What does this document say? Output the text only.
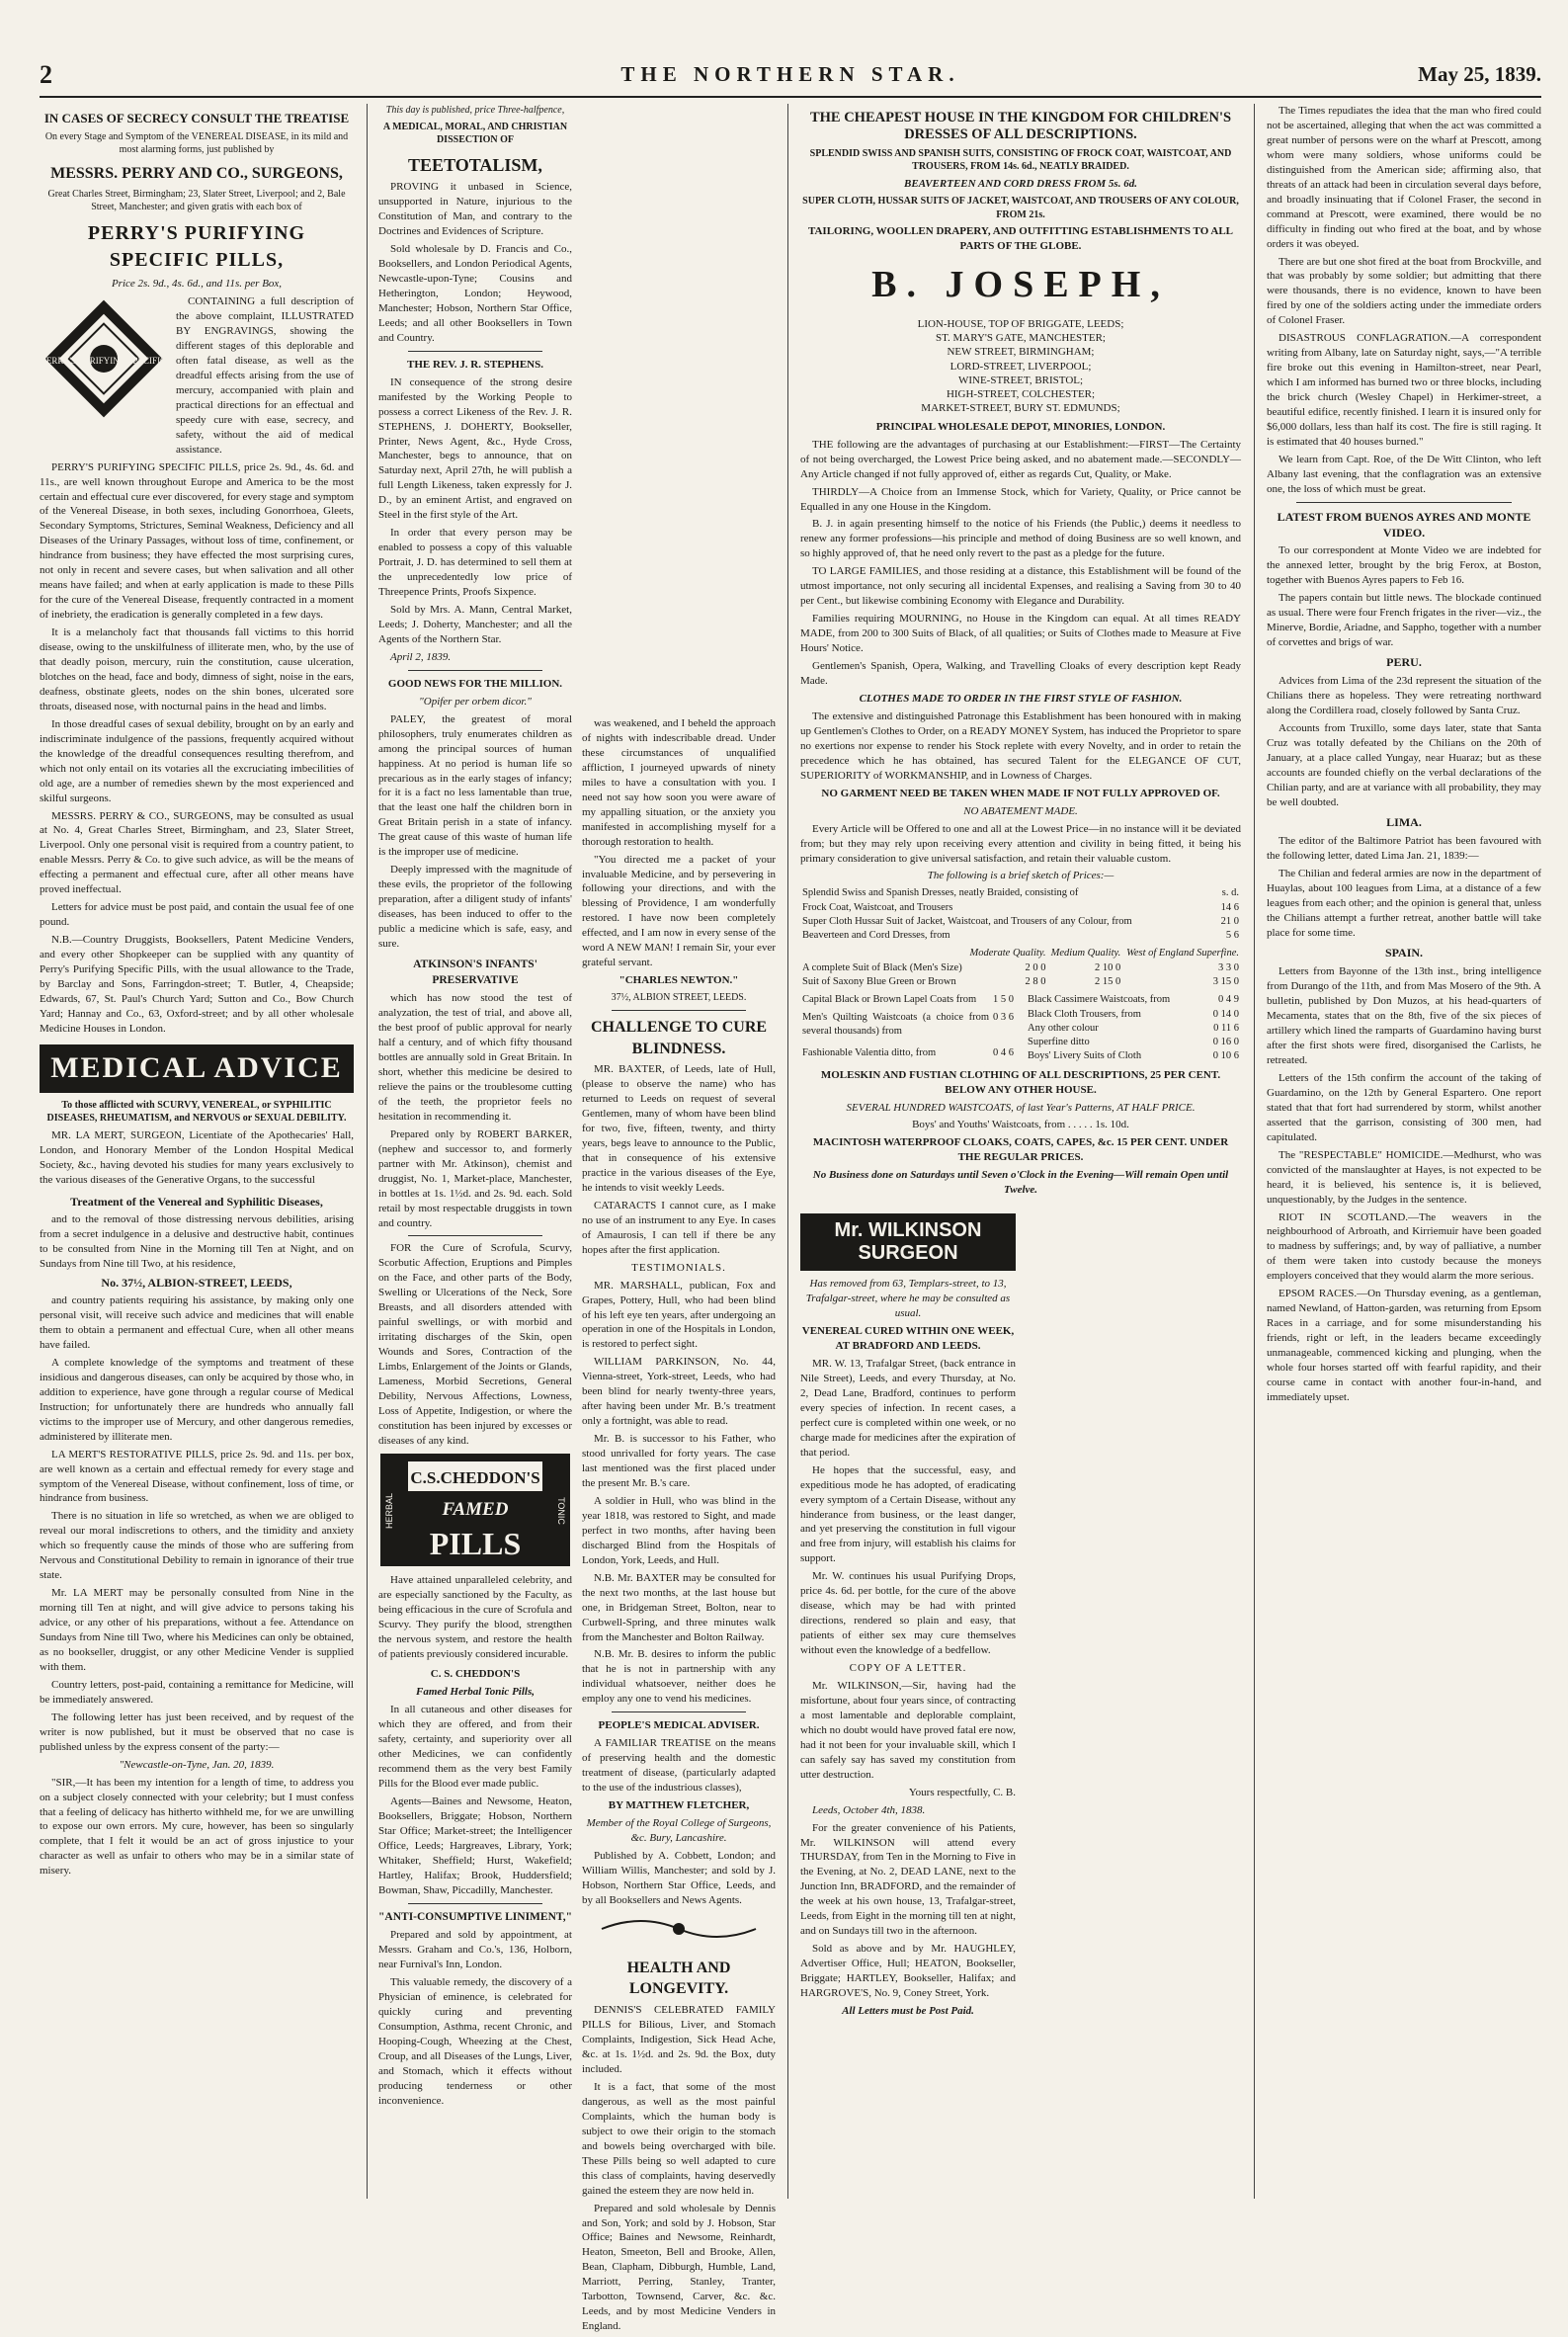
2	THE NORTHERN STAR.	May 25, 1839.
IN CASES OF SECRECY CONSULT THE TREATISE

On every Stage and Symptom of the VENEREAL DISEASE, in its mild and most alarming forms, just published by

MESSRS. PERRY AND CO., SURGEONS,

Great Charles Street, Birmingham; 23, Slater Street, Liverpool; and 2, Bale Street, Manchester; and given gratis with each box of

PERRY'S PURIFYING SPECIFIC PILLS,

Price 2s. 9d., 4s. 6d., and 11s. per Box,

PERRY'S PURIFYING SPECIFIC

CONTAINING a full description of the above complaint, ILLUSTRATED BY ENGRAVINGS, showing the different stages of this deplorable and often fatal disease, as well as the dreadful effects arising from the use of mercury, accompanied with plain and practical directions for an effectual and speedy cure with ease, secrecy, and safety, without the aid of medical assistance.

PERRY'S PURIFYING SPECIFIC PILLS, price 2s. 9d., 4s. 6d. and 11s., are well known throughout Europe and America to be the most certain and effectual cure ever discovered, for every stage and symptom of the Venereal Disease, in both sexes, including Gonorrhoea, Gleets, Secondary Symptoms, Strictures, Seminal Weakness, Deficiency and all Diseases of the Urinary Passages, without loss of time, confinement, or hindrance from business; they have effected the most surprising cures, not only in recent and severe cases, but when salivation and all other means have failed; and when at early application is made to these Pills for the cure of the Venereal Disease, frequently contracted in a moment of inebriety, the eradication is generally completed in a few days.

It is a melancholy fact that thousands fall victims to this horrid disease, owing to the unskilfulness of illiterate men, who, by the use of that deadly poison, mercury, ruin the constitution, cause ulceration, blotches on the head, face and body, dimness of sight, noise in the ears, deafness, obstinate gleets, nodes on the shin bones, ulcerated sore throats, diseased nose, with nocturnal pains in the head and limbs.

In those dreadful cases of sexual debility, brought on by an early and indiscriminate indulgence of the passions, frequently acquired without the knowledge of the dreadful consequences resulting therefrom, and which not only entail on its votaries all the excruciating imbecilities of old age, are a number of remedies shewn by the most experienced and skilful surgeons.

MESSRS. PERRY & CO., SURGEONS, may be consulted as usual at No. 4, Great Charles Street, Birmingham, and 23, Slater Street, Liverpool. Only one personal visit is required from a country patient, to enable Messrs. Perry & Co. to give such advice, as will be the means of effecting a permanent and effectual cure, after all other means have proved ineffectual.

Letters for advice must be post paid, and contain the usual fee of one pound.

N.B.—Country Druggists, Booksellers, Patent Medicine Venders, and every other Shopkeeper can be supplied with any quantity of Perry's Purifying Specific Pills, with the usual allowance to the Trade, by Barclay and Sons, Farringdon-street; T. Butler, 4, Cheapside; Edwards, 67, St. Paul's Church Yard; Sutton and Co., Bow Church Yard; Hannay and Co., 63, Oxford-street; and by all other wholesale Medicine Houses in London.

MEDICAL ADVICE

To those afflicted with SCURVY, VENEREAL, or SYPHILITIC DISEASES, RHEUMATISM, and NERVOUS or SEXUAL DEBILITY.

MR. LA MERT, SURGEON, Licentiate of the Apothecaries' Hall, London, and Honorary Member of the London Hospital Medical Society, &c., having devoted his studies for many years exclusively to the various diseases of the Generative Organs, to the successful

Treatment of the Venereal and Syphilitic Diseases,

and to the removal of those distressing nervous debilities, arising from a secret indulgence in a delusive and destructive habit, continues to be consulted from Nine in the Morning till Ten at Night, and on Sundays from Nine till Two, at his residence,

No. 37½, ALBION-STREET, LEEDS,

and country patients requiring his assistance, by making only one personal visit, will receive such advice and medicines that will enable them to obtain a permanent and effectual Cure, when all other means have failed.

A complete knowledge of the symptoms and treatment of these insidious and dangerous diseases, can only be acquired by those who, in addition to experience, have gone through a regular course of Medical Instruction; for unfortunately there are hundreds who annually fall victims to the improper use of Mercury, and other dangerous remedies, administered by illiterate men.

LA MERT'S RESTORATIVE PILLS, price 2s. 9d. and 11s. per box, are well known as a certain and effectual remedy for every stage and symptom of the Venereal Disease, without confinement, loss of time, or hindrance from business.

There is no situation in life so wretched, as when we are obliged to reveal our moral indiscretions to others, and the timidity and anxiety which so frequently cause the minds of those who are suffering from Nervous and Constitutional Debility to remain in ignorance of their true state.

Mr. LA MERT may be personally consulted from Nine in the morning till Ten at night, and will give advice to persons taking his advice, or any other of his preparations, without a fee. Attendance on Sundays from Nine till Two, where his Medicines can only be obtained, as no bookseller, druggist, or any other Medicine Vender is supplied with them.

Country letters, post-paid, containing a remittance for Medicine, will be immediately answered.

The following letter has just been received, and by request of the writer is now published, but it must be observed that no case is published unless by the express consent of the party:—

"Newcastle-on-Tyne, Jan. 20, 1839.

"SIR,—It has been my intention for a length of time, to address you on a subject closely connected with your celebrity; but I must confess that a feeling of delicacy has hitherto withheld me, for we are unwilling to expose our own errors. My cure, however, has been so singularly complete, that I felt it would be an act of gross injustice to your character as well as unfair to others who may be in a similar state of misery.

This day is published, price Three-halfpence,

A MEDICAL, MORAL, AND CHRISTIAN DISSECTION OF

TEETOTALISM,

PROVING it unbased in Science, unsupported in Nature, injurious to the Constitution of Man, and contrary to the Doctrines and Evidences of Scripture.

Sold wholesale by D. Francis and Co., Booksellers, and London Periodical Agents, Newcastle-upon-Tyne; Cousins and Hetherington, London; Heywood, Manchester; Hobson, Northern Star Office, Leeds; and all other Booksellers in Town and Country.

THE REV. J. R. STEPHENS.

IN consequence of the strong desire manifested by the Working People to possess a correct Likeness of the Rev. J. R. STEPHENS, J. DOHERTY, Bookseller, Printer, News Agent, &c., Hyde Cross, Manchester, begs to announce, that on Saturday next, April 27th, he will publish a full Length Likeness, taken expressly for J. D., by an eminent Artist, and engraved on Steel in the first style of the Art.

In order that every person may be enabled to possess a copy of this valuable Portrait, J. D. has determined to sell them at the unprecedentedly low price of Threepence Prints, Proofs Sixpence.

Sold by Mrs. A. Mann, Central Market, Leeds; J. Doherty, Manchester; and all the Agents of the Northern Star.

April 2, 1839.

GOOD NEWS FOR THE MILLION.

"Opifer per orbem dicor."

PALEY, the greatest of moral philosophers, truly enumerates children as among the principal sources of human happiness. At no period is human life so precarious as in the early stages of infancy; for it is a fact no less lamentable than true, that the least one half the children born in Great Britain perish in a state of infancy. The great cause of this waste of human life is the improper use of medicine.

Deeply impressed with the magnitude of these evils, the proprietor of the following preparation, after a diligent study of infants' diseases, has been induced to offer to the public a medicine which is safe, easy, and sure.

ATKINSON'S INFANTS' PRESERVATIVE

which has now stood the test of analyzation, the test of trial, and above all, the best proof of public approval for nearly half a century, and of which fifty thousand bottles are annually sold in Great Britain. In short, whether this medicine be desired to relieve the pains or the troublesome cutting of the teeth, the proprietor feels no hesitation in recommending it.

Prepared only by ROBERT BARKER, (nephew and successor to, and formerly partner with Mr. Atkinson), chemist and druggist, No. 1, Market-place, Manchester, in bottles at 1s. 1½d. and 2s. 9d. each. Sold retail by most respectable druggists in town and country.

FOR the Cure of Scrofula, Scurvy, Scorbutic Affection, Eruptions and Pimples on the Face, and other parts of the Body, Swelling or Ulcerations of the Neck, Sore Breasts, and all disorders attended with painful swellings, or with morbid and irritating discharges of the Skin, open Wounds and Sores, Contraction of the Limbs, Enlargement of the Joints or Glands, Lameness, Morbid Secretions, General Debility, Nervous Affections, Lowness, Loss of Appetite, Indigestion, or where the constitution has been injured by excesses or diseases of any kind.

C.S.CHEDDON'S
FAMED
PILLS
HERBAL	TONIC

Have attained unparalleled celebrity, and are especially sanctioned by the Faculty, as being efficacious in the cure of Scrofula and Scurvy. They purify the blood, strengthen the nervous system, and restore the health of patients previously considered incurable.

C. S. CHEDDON'S

Famed Herbal Tonic Pills,

In all cutaneous and other diseases for which they are offered, and from their safety, certainty, and superiority over all other Medicines, we can confidently recommend them as the very best Family Pills for the Blood ever made public.

Agents—Baines and Newsome, Heaton, Booksellers, Briggate; Hobson, Northern Star Office; Market-street; the Intelligencer Office, Leeds; Hargreaves, Library, York; Whitaker, Sheffield; Hurst, Wakefield; Hartley, Halifax; Brook, Huddersfield; Bowman, Shaw, Piccadilly, Manchester.

"ANTI-CONSUMPTIVE LINIMENT,"

Prepared and sold by appointment, at Messrs. Graham and Co.'s, 136, Holborn, near Furnival's Inn, London.

This valuable remedy, the discovery of a Physician of eminence, is celebrated for quickly curing and preventing Consumption, Asthma, recent Chronic, and Hooping-Cough, Wheezing at the Chest, Croup, and all Diseases of the Lungs, Liver, and Stomach, which it effects without producing tenderness or other inconvenience.

was weakened, and I beheld the approach of nights with indescribable dread. Under these circumstances of unqualified affliction, I journeyed upwards of ninety miles to have a consultation with you. I need not say how soon you were aware of my appalling situation, or the anxiety you manifested in accomplishing myself for a thorough restoration to health.

"You directed me a packet of your invaluable Medicine, and by persevering in following your directions, and with the blessing of Providence, I am wonderfully restored. I have now been completely effected, and I am now in every sense of the word A NEW MAN! I remain Sir, your ever grateful servant.

"CHARLES NEWTON."

37½, ALBION STREET, LEEDS.

CHALLENGE TO CURE BLINDNESS.

MR. BAXTER, of Leeds, late of Hull, (please to observe the name) who has returned to Leeds on request of several Gentlemen, many of whom have been blind for two, five, fifteen, twenty, and thirty years, begs leave to announce to the Public, that in consequence of his extensive practice in the various diseases of the Eye, he intends to visit weekly Leeds.

CATARACTS I cannot cure, as I make no use of an instrument to any Eye. In cases of Amaurosis, I can tell if there be any hopes after the first application.

TESTIMONIALS.

MR. MARSHALL, publican, Fox and Grapes, Pottery, Hull, who had been blind of his left eye ten years, after undergoing an operation in one of the Hospitals in London, is restored to perfect sight.

WILLIAM PARKINSON, No. 44, Vienna-street, York-street, Leeds, who had been blind for nearly twenty-three years, after having been under Mr. B.'s treatment only a fortnight, was able to read.

Mr. B. is successor to his Father, who stood unrivalled for forty years. The case last mentioned was the first placed under the present Mr. B.'s care.

A soldier in Hull, who was blind in the year 1818, was restored to Sight, and made perfect in two months, after having been discharged Blind from the Hospitals of London, York, Leeds, and Hull.

N.B. Mr. BAXTER may be consulted for the next two months, at the last house but one, in Bridgeman Street, Bolton, near to Curbwell-Spring, and three minutes walk from the Manchester and Bolton Railway.

N.B. Mr. B. desires to inform the public that he is not in partnership with any individual whatsoever, neither does he employ any one to vend his medicines.

PEOPLE'S MEDICAL ADVISER.

A FAMILIAR TREATISE on the means of preserving health and the domestic treatment of disease, (particularly adapted to the use of the industrious classes),

BY MATTHEW FLETCHER,

Member of the Royal College of Surgeons, &c. Bury, Lancashire.

Published by A. Cobbett, London; and William Willis, Manchester; and sold by J. Hobson, Northern Star Office, Leeds, and by all Booksellers and News Agents.

HEALTH AND LONGEVITY.

DENNIS'S CELEBRATED FAMILY PILLS for Bilious, Liver, and Stomach Complaints, Indigestion, Sick Head Ache, &c. at 1s. 1½d. and 2s. 9d. the Box, duty included.

It is a fact, that some of the most dangerous, as well as the most painful Complaints, which the human body is subject to owe their origin to the stomach and bowels being overcharged with bile. These Pills being so well adapted to cure this class of complaints, having deservedly gained the esteem they are now held in.

Prepared and sold wholesale by Dennis and Son, York; and sold by J. Hobson, Star Office; Baines and Newsome, Reinhardt, Heaton, Smeeton, Bell and Brooke, Allen, Bean, Clapham, Dibburgh, Humble, Land, Marriott, Perring, Stanley, Tranter, Tarbotton, Townsend, Carver, &c. &c. Leeds, and by most Medicine Venders in England.

THE CHEAPEST HOUSE IN THE KINGDOM FOR CHILDREN'S DRESSES OF ALL DESCRIPTIONS.

SPLENDID SWISS AND SPANISH SUITS, CONSISTING OF FROCK COAT, WAISTCOAT, AND TROUSERS, FROM 14s. 6d., NEATLY BRAIDED.

BEAVERTEEN AND CORD DRESS FROM 5s. 6d.

SUPER CLOTH, HUSSAR SUITS OF JACKET, WAISTCOAT, AND TROUSERS OF ANY COLOUR, FROM 21s.

TAILORING, WOOLLEN DRAPERY, AND OUTFITTING ESTABLISHMENTS TO ALL PARTS OF THE GLOBE.

B. JOSEPH,
LION-HOUSE, TOP OF BRIGGATE, LEEDS;
ST. MARY'S GATE, MANCHESTER;
NEW STREET, BIRMINGHAM;
LORD-STREET, LIVERPOOL;
WINE-STREET, BRISTOL;
HIGH-STREET, COLCHESTER;
MARKET-STREET, BURY ST. EDMUNDS;

PRINCIPAL WHOLESALE DEPOT, MINORIES, LONDON.

THE following are the advantages of purchasing at our Establishment:—FIRST—The Certainty of not being overcharged, the Lowest Price being asked, and no abatement made.—SECONDLY—Any Article changed if not fully approved of, either as regards Cut, Quality, or Make.

THIRDLY—A Choice from an Immense Stock, which for Variety, Quality, or Price cannot be Equalled in any one House in the Kingdom.

B. J. in again presenting himself to the notice of his Friends (the Public,) deems it needless to renew any former professions—his principle and method of doing Business are so well known, and so highly approved of, that he need only revert to the past as a pledge for the future.

TO LARGE FAMILIES, and those residing at a distance, this Establishment will be found of the utmost importance, not only securing all incidental Expenses, and realising a Saving from 30 to 40 per Cent., but likewise combining Economy with Elegance and Durability.

Families requiring MOURNING, no House in the Kingdom can equal. At all times READY MADE, from 200 to 300 Suits of Black, of all qualities; or Suits of Clothes made to Measure at Five Hours' Notice.

Gentlemen's Spanish, Opera, Walking, and Travelling Cloaks of every description kept Ready Made.

CLOTHES MADE TO ORDER IN THE FIRST STYLE OF FASHION.

The extensive and distinguished Patronage this Establishment has been honoured with in making up Gentlemen's Clothes to Order, on a READY MONEY System, has induced the Proprietor to spare no exertions nor expense to render his Stock replete with every Novelty, and in order to retain the precedence which he has obtained, has secured Talent for the ELEGANCE OF CUT, SUPERIORITY of WORKMANSHIP, and in Lowness of Charges.

NO GARMENT NEED BE TAKEN WHEN MADE IF NOT FULLY APPROVED OF.

NO ABATEMENT MADE.

Every Article will be Offered to one and all at the Lowest Price—in no instance will it be deviated from; but they may rely upon receiving every attention and civility in being fitted, it being his primary consideration to give universal satisfaction, and retain their valuable custom.

The following is a brief sketch of Prices:—

Splendid Swiss and Spanish Dresses, neatly Braided, consisting of	s. d.
Frock Coat, Waistcoat, and Trousers	14 6
Super Cloth Hussar Suit of Jacket, Waistcoat, and Trousers of any Colour, from	21 0
Beaverteen and Cord Dresses, from	5 6
	Moderate Quality.	Medium Quality.	West of England Superfine.
A complete Suit of Black (Men's Size)	2 0 0	2 10 0	3 3 0
Suit of Saxony Blue Green or Brown	2 8 0	2 15 0	3 15 0
Capital Black or Brown Lapel Coats from	1 5 0
Men's Quilting Waistcoats (a choice from several thousands) from	0 3 6
Fashionable Valentia ditto, from	0 4 6
Black Cassimere Waistcoats, from	0 4 9
Black Cloth Trousers, from	0 14 0
Any other colour	0 11 6
Superfine ditto	0 16 0
Boys' Livery Suits of Cloth	0 10 6

MOLESKIN AND FUSTIAN CLOTHING OF ALL DESCRIPTIONS, 25 PER CENT. BELOW ANY OTHER HOUSE.

SEVERAL HUNDRED WAISTCOATS, of last Year's Patterns, AT HALF PRICE.

Boys' and Youths' Waistcoats, from . . . . . 1s. 10d.

MACINTOSH WATERPROOF CLOAKS, COATS, CAPES, &c. 15 PER CENT. UNDER THE REGULAR PRICES.

No Business done on Saturdays until Seven o'Clock in the Evening—Will remain Open until Twelve.

Mr. WILKINSON
SURGEON

Has removed from 63, Templars-street, to 13, Trafalgar-street, where he may be consulted as usual.

VENEREAL CURED WITHIN ONE WEEK, AT BRADFORD AND LEEDS.

MR. W. 13, Trafalgar Street, (back entrance in Nile Street), Leeds, and every Thursday, at No. 2, Dead Lane, Bradford, continues to perform every species of infection. In recent cases, a perfect cure is completed within one week, or no charge made for medicines after the expiration of that period.

He hopes that the successful, easy, and expeditious mode he has adopted, of eradicating every symptom of a Certain Disease, without any hinderance from business, or the least danger, and yet preserving the constitution in full vigour and free from injury, will establish his claims for support.

Mr. W. continues his usual Purifying Drops, price 4s. 6d. per bottle, for the cure of the above disease, which may be had with printed directions, rendered so plain and easy, that patients of either sex may cure themselves without even the knowledge of a bedfellow.

COPY OF A LETTER.

Mr. WILKINSON,—Sir, having had the misfortune, about four years since, of contracting a most lamentable and deplorable complaint, which no doubt would have proved fatal ere now, had it not been for your invaluable skill, which I can safely say has saved my constitution from utter destruction.

Yours respectfully, C. B.

Leeds, October 4th, 1838.

For the greater convenience of his Patients, Mr. WILKINSON will attend every THURSDAY, from Ten in the Morning to Five in the Evening, at No. 2, DEAD LANE, next to the Junction Inn, BRADFORD, and the remainder of the week at his own house, 13, Trafalgar-street, Leeds, from Eight in the morning till ten at night, and on Sundays till two in the afternoon.

Sold as above and by Mr. HAUGHLEY, Advertiser Office, Hull; HEATON, Bookseller, Briggate; HARTLEY, Bookseller, Halifax; and HARGROVE'S, No. 9, Coney Street, York.

All Letters must be Post Paid.

The Times repudiates the idea that the man who fired could not be ascertained, alleging that when the act was committed a great number of persons were on the wharf at Prescott, among whom were many soldiers, whose uniforms could be distinguished from the American side; affirming also, that threats of an attack had been in circulation several days before, and broadly insinuating that if Colonel Fraser, the second in command at Prescott, were examined, there would be no difficulty in finding out who fired at the boat, and by whose orders it was obeyed.

There are but one shot fired at the boat from Brockville, and that was probably by some soldier; but admitting that there were thousands, there is no evidence, known to have been fired by one of the soldiers acting under the immediate orders of Colonel Fraser.

DISASTROUS CONFLAGRATION.—A correspondent writing from Albany, late on Saturday night, says,—"A terrible fire broke out this evening in Hamilton-street, near Pearl, which I am informed has burned two or three blocks, including the brick church (Wesley Chapel) in Herkimer-street, a beautiful edifice, recently finished. I learn it is insured only for $6,000 dollars, less than half its cost. The fire is still raging. It is estimated that 40 houses burned."

We learn from Capt. Roe, of the De Witt Clinton, who left Albany last evening, that the conflagration was an extensive one, the loss of which must be great.

LATEST FROM BUENOS AYRES AND MONTE VIDEO.

To our correspondent at Monte Video we are indebted for the annexed letter, brought by the brig Ferox, at Boston, together with Buenos Ayres papers to Feb 16.

The papers contain but little news. The blockade continued as usual. There were four French frigates in the river—viz., the Minerve, Bordie, Ariadne, and Sappho, together with a number of corvettes and brigs of war.

PERU.

Advices from Lima of the 23d represent the situation of the Chilians there as hopeless. They were retreating northward along the Cordillera road, closely followed by Santa Cruz.

Accounts from Truxillo, some days later, state that Santa Cruz was totally defeated by the Chilians on the 20th of January, at a place called Yungay, near Huaraz; but as these accounts are founded chiefly on the verbal declarations of the Chilian party, and are at variance with all probability, they may be well doubted.

LIMA.

The editor of the Baltimore Patriot has been favoured with the following letter, dated Lima Jan. 21, 1839:—

The Chilian and federal armies are now in the department of Huaylas, about 100 leagues from Lima, at a distance of a few leagues from each other; and the opinion is general that, unless the Chilians attempt a further retreat, another battle will take place for some time.

SPAIN.

Letters from Bayonne of the 13th inst., bring intelligence from Durango of the 11th, and from Mas Mosero of the 9th. A bulletin, published by Don Muzos, at his head-quarters of Mecamenta, states that on the 8th, five of the six pieces of artillery which lined the ramparts of Guardamino having burst after the first shots were fired, disorganised the Carlists, he retreated.

Letters of the 15th confirm the account of the taking of Guardamino, on the 12th by General Espartero. One report stated that that fort had surrendered by storm, whilst another asserted that the garrison, consisting of 300 men, had capitulated.

The "RESPECTABLE" HOMICIDE.—Medhurst, who was convicted of the manslaughter at Hayes, is not expected to be heard, it is believed, his sentence is, it is believed, unquestionably, by the Judges in the sentence.

RIOT IN SCOTLAND.—The weavers in the neighbourhood of Arbroath, and Kirriemuir have been goaded to madness by sufferings; and, by way of palliative, a number of them were taken into custody because the moneys employers conceived that they would alarm the more serious.

EPSOM RACES.—On Thursday evening, as a gentleman, named Newland, of Hatton-garden, was returning from Epsom Races in a carriage, and for some misunderstanding his friends, right or left, in the leaders became exceedingly unmanageable, commenced kicking and plunging, when the whole four horses started off with fearful rapidity, and their course came in contact with another four-in-hand, and immediately upset.
